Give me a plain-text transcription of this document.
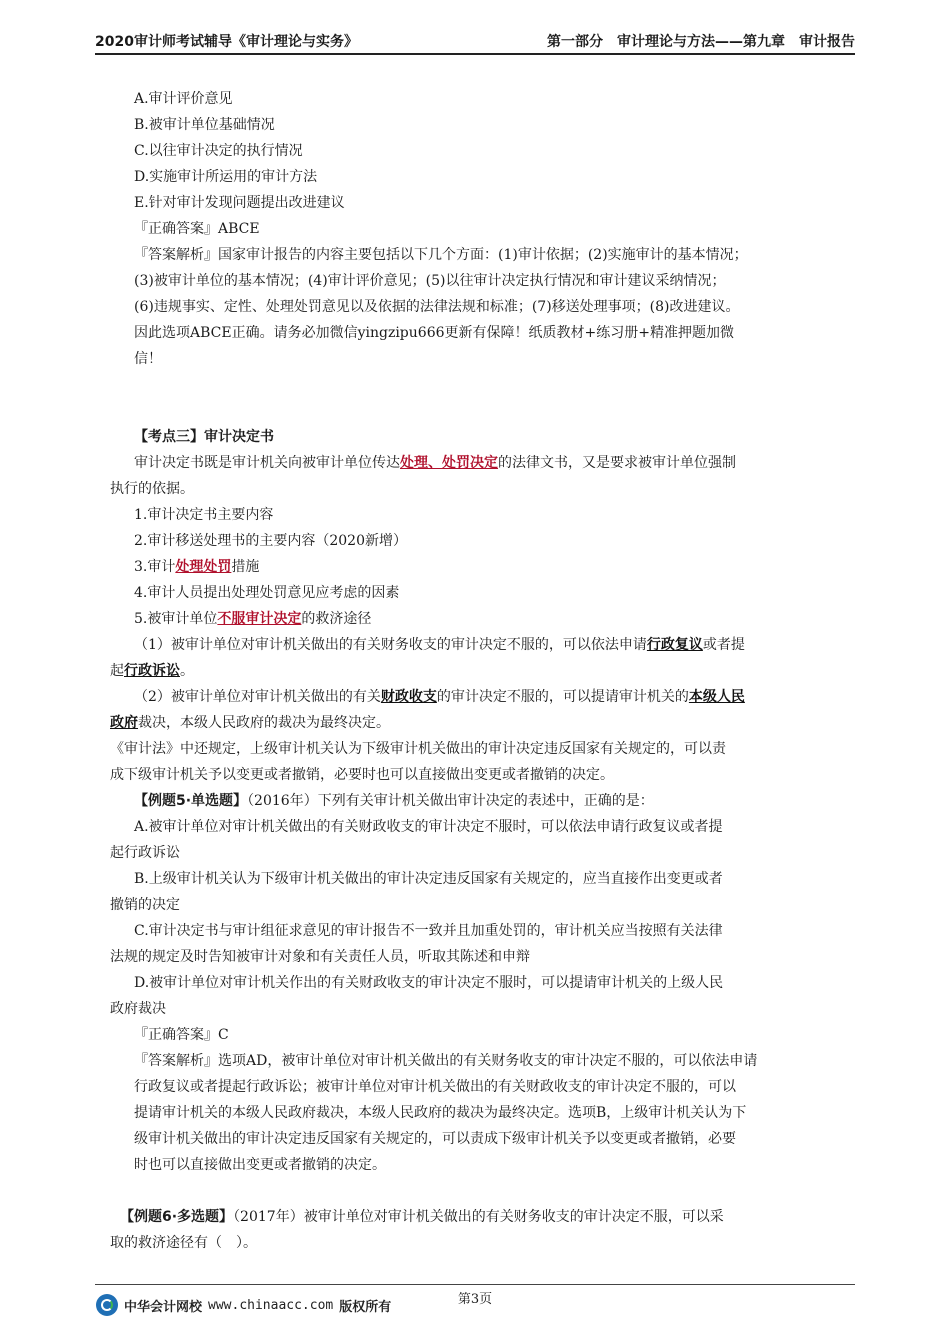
2020审计师考试辅导《审计理论与实务》	第一部分　审计理论与方法——第九章　审计报告

A.审计评价意见

B.被审计单位基础情况

C.以往审计决定的执行情况

D.实施审计所运用的审计方法

E.针对审计发现问题提出改进建议

『正确答案』ABCE

『答案解析』国家审计报告的内容主要包括以下几个方面：(1)审计依据；(2)实施审计的基本情况；

(3)被审计单位的基本情况；(4)审计评价意见；(5)以往审计决定执行情况和审计建议采纳情况；

(6)违规事实、定性、处理处罚意见以及依据的法律法规和标准；(7)移送处理事项；(8)改进建议。

因此选项ABCE正确。请务必加微信yingzipu666更新有保障！纸质教材+练习册+精准押题加微

信！

【考点三】审计决定书

审计决定书既是审计机关向被审计单位传达处理、处罚决定的法律文书，又是要求被审计单位强制

执行的依据。

1.审计决定书主要内容

2.审计移送处理书的主要内容（2020新增）

3.审计处理处罚措施

4.审计人员提出处理处罚意见应考虑的因素

5.被审计单位不服审计决定的救济途径

（1）被审计单位对审计机关做出的有关财务收支的审计决定不服的，可以依法申请行政复议或者提

起行政诉讼。

（2）被审计单位对审计机关做出的有关财政收支的审计决定不服的，可以提请审计机关的本级人民

政府裁决，本级人民政府的裁决为最终决定。

《审计法》中还规定，上级审计机关认为下级审计机关做出的审计决定违反国家有关规定的，可以责

成下级审计机关予以变更或者撤销，必要时也可以直接做出变更或者撤销的决定。

【例题5·单选题】（2016年）下列有关审计机关做出审计决定的表述中，正确的是：

A.被审计单位对审计机关做出的有关财政收支的审计决定不服时，可以依法申请行政复议或者提

起行政诉讼

B.上级审计机关认为下级审计机关做出的审计决定违反国家有关规定的，应当直接作出变更或者

撤销的决定

C.审计决定书与审计组征求意见的审计报告不一致并且加重处罚的，审计机关应当按照有关法律

法规的规定及时告知被审计对象和有关责任人员，听取其陈述和申辩

D.被审计单位对审计机关作出的有关财政收支的审计决定不服时，可以提请审计机关的上级人民

政府裁决

『正确答案』C

『答案解析』选项AD，被审计单位对审计机关做出的有关财务收支的审计决定不服的，可以依法申请

行政复议或者提起行政诉讼；被审计单位对审计机关做出的有关财政收支的审计决定不服的，可以

提请审计机关的本级人民政府裁决，本级人民政府的裁决为最终决定。选项B，上级审计机关认为下

级审计机关做出的审计决定违反国家有关规定的，可以责成下级审计机关予以变更或者撤销，必要

时也可以直接做出变更或者撤销的决定。

【例题6·多选题】（2017年）被审计单位对审计机关做出的有关财务收支的审计决定不服，可以采

取的救济途径有（　）。

中华会计网校 www.chinaacc.com 版权所有	第3页
